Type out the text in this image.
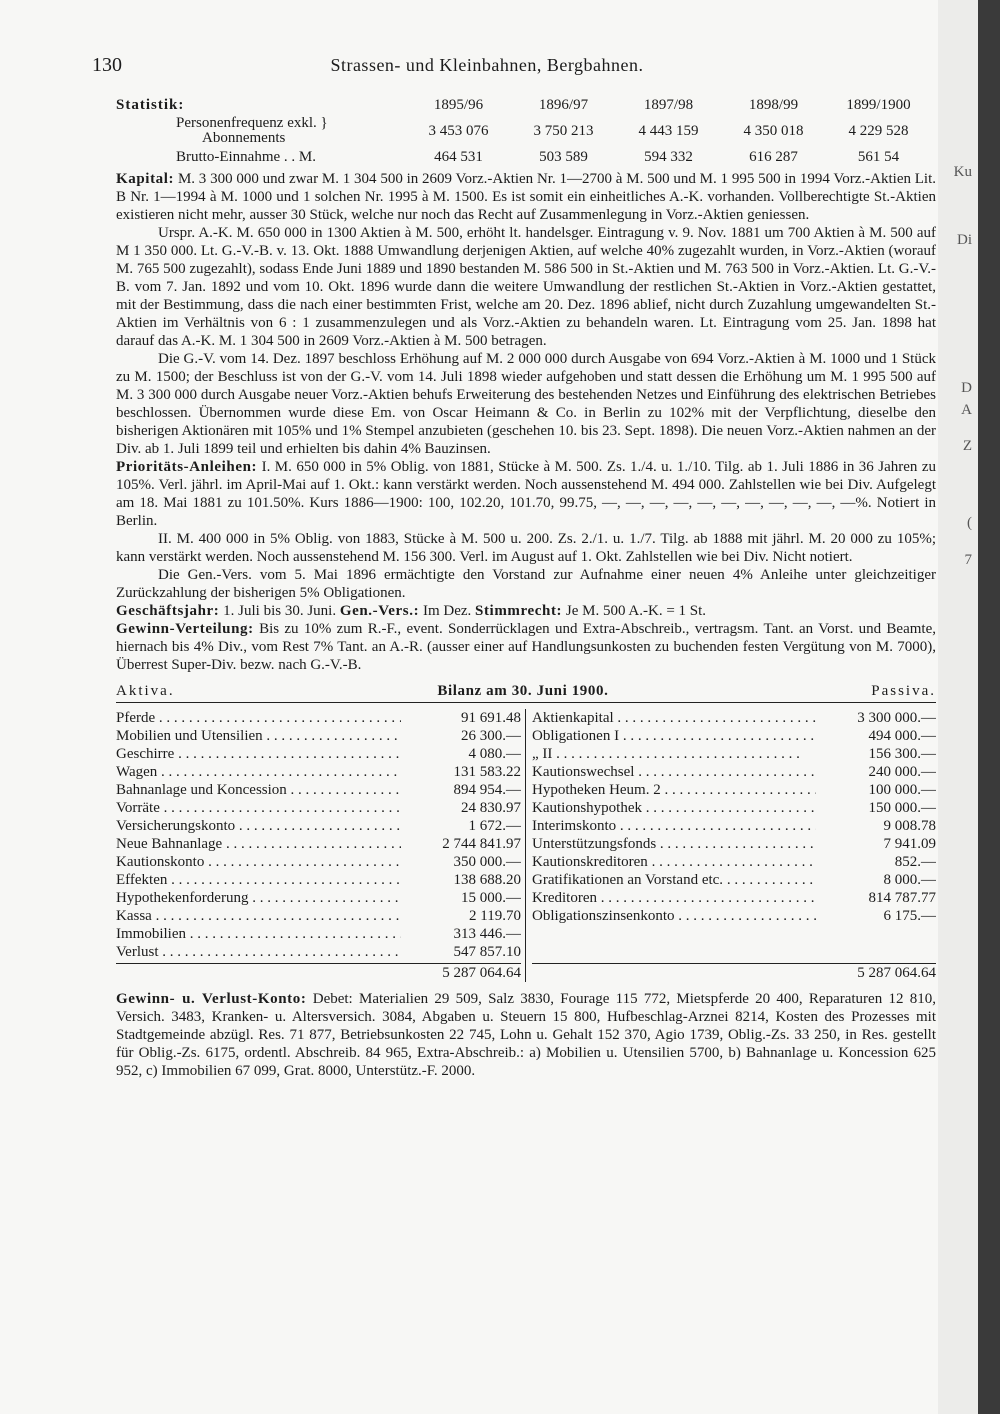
Ku
Di
D
A
Z
(
7
130	Strassen- und Kleinbahnen, Bergbahnen.
Statistik:	1895/96	1896/97	1897/98	1898/99	1899/1900
Personenfrequenz exkl. }
Abonnements	3 453 076	3 750 213	4 443 159	4 350 018	4 229 528
Brutto-Einnahme . . M.	464 531	503 589	594 332	616 287	561 54

Kapital: M. 3 300 000 und zwar M. 1 304 500 in 2609 Vorz.-Aktien Nr. 1—2700 à M. 500 und M. 1 995 500 in 1994 Vorz.-Aktien Lit. B Nr. 1—1994 à M. 1000 und 1 solchen Nr. 1995 à M. 1500. Es ist somit ein einheitliches A.-K. vorhanden. Vollberechtigte St.-Aktien existieren nicht mehr, ausser 30 Stück, welche nur noch das Recht auf Zusammenlegung in Vorz.-Aktien geniessen.

Urspr. A.-K. M. 650 000 in 1300 Aktien à M. 500, erhöht lt. handelsger. Eintragung v. 9. Nov. 1881 um 700 Aktien à M. 500 auf M 1 350 000. Lt. G.-V.-B. v. 13. Okt. 1888 Umwandlung derjenigen Aktien, auf welche 40% zugezahlt wurden, in Vorz.-Aktien (worauf M. 765 500 zugezahlt), sodass Ende Juni 1889 und 1890 bestanden M. 586 500 in St.-Aktien und M. 763 500 in Vorz.-Aktien. Lt. G.-V.-B. vom 7. Jan. 1892 und vom 10. Okt. 1896 wurde dann die weitere Umwandlung der restlichen St.-Aktien in Vorz.-Aktien gestattet, mit der Bestimmung, dass die nach einer bestimmten Frist, welche am 20. Dez. 1896 ablief, nicht durch Zuzahlung umgewandelten St.-Aktien im Verhältnis von 6 : 1 zusammenzulegen und als Vorz.-Aktien zu behandeln waren. Lt. Eintragung vom 25. Jan. 1898 hat darauf das A.-K. M. 1 304 500 in 2609 Vorz.-Aktien à M. 500 betragen.

Die G.-V. vom 14. Dez. 1897 beschloss Erhöhung auf M. 2 000 000 durch Ausgabe von 694 Vorz.-Aktien à M. 1000 und 1 Stück zu M. 1500; der Beschluss ist von der G.-V. vom 14. Juli 1898 wieder aufgehoben und statt dessen die Erhöhung um M. 1 995 500 auf M. 3 300 000 durch Ausgabe neuer Vorz.-Aktien behufs Erweiterung des bestehenden Netzes und Einführung des elektrischen Betriebes beschlossen. Übernommen wurde diese Em. von Oscar Heimann & Co. in Berlin zu 102% mit der Verpflichtung, dieselbe den bisherigen Aktionären mit 105% und 1% Stempel anzubieten (geschehen 10. bis 23. Sept. 1898). Die neuen Vorz.-Aktien nahmen an der Div. ab 1. Juli 1899 teil und erhielten bis dahin 4% Bauzinsen.

Prioritäts-Anleihen: I. M. 650 000 in 5% Oblig. von 1881, Stücke à M. 500. Zs. 1./4. u. 1./10. Tilg. ab 1. Juli 1886 in 36 Jahren zu 105%. Verl. jährl. im April-Mai auf 1. Okt.: kann verstärkt werden. Noch aussenstehend M. 494 000. Zahlstellen wie bei Div. Aufgelegt am 18. Mai 1881 zu 101.50%. Kurs 1886—1900: 100, 102.20, 101.70, 99.75, —, —, —, —, —, —, —, —, —, —, —%. Notiert in Berlin.

II. M. 400 000 in 5% Oblig. von 1883, Stücke à M. 500 u. 200. Zs. 2./1. u. 1./7. Tilg. ab 1888 mit jährl. M. 20 000 zu 105%; kann verstärkt werden. Noch aussenstehend M. 156 300. Verl. im August auf 1. Okt. Zahlstellen wie bei Div. Nicht notiert.

Die Gen.-Vers. vom 5. Mai 1896 ermächtigte den Vorstand zur Aufnahme einer neuen 4% Anleihe unter gleichzeitiger Zurückzahlung der bisherigen 5% Obligationen.

Geschäftsjahr: 1. Juli bis 30. Juni. Gen.-Vers.: Im Dez. Stimmrecht: Je M. 500 A.-K. = 1 St.

Gewinn-Verteilung: Bis zu 10% zum R.-F., event. Sonderrücklagen und Extra-Abschreib., vertragsm. Tant. an Vorst. und Beamte, hiernach bis 4% Div., vom Rest 7% Tant. an A.-R. (ausser einer auf Handlungsunkosten zu buchenden festen Vergütung von M. 7000), Überrest Super-Div. bezw. nach G.-V.-B.

Aktiva.	Bilanz am 30. Juni 1900.	Passiva.
Pferde . . .	91 691.48
Mobilien und Utensilien . . .	26 300.—
Geschirre . . .	4 080.—
Wagen . . .	131 583.22
Bahnanlage und Koncession . . .	894 954.—
Vorräte . . .	24 830.97
Versicherungskonto . . .	1 672.—
Neue Bahnanlage . . .	2 744 841.97
Kautionskonto . . .	350 000.—
Effekten . . .	138 688.20
Hypothekenforderung . . .	15 000.—
Kassa . . .	2 119.70
Immobilien . . .	313 446.—
Verlust . . .	547 857.10
5 287 064.64
Aktienkapital . . .	3 300 000.—
Obligationen I . . .	494 000.—
„ II . . .	156 300.—
Kautionswechsel . . .	240 000.—
Hypotheken Heum. 2 . . .	100 000.—
Kautionshypothek . . .	150 000.—
Interimskonto . . .	9 008.78
Unterstützungsfonds . . .	7 941.09
Kautionskreditoren . . .	852.—
Gratifikationen an Vorstand etc. . . .	8 000.—
Kreditoren . . .	814 787.77
Obligationszinsenkonto . . .	6 175.—
5 287 064.64

Gewinn- u. Verlust-Konto: Debet: Materialien 29 509, Salz 3830, Fourage 115 772, Mietspferde 20 400, Reparaturen 12 810, Versich. 3483, Kranken- u. Altersversich. 3084, Abgaben u. Steuern 15 800, Hufbeschlag-Arznei 8214, Kosten des Prozesses mit Stadtgemeinde abzügl. Res. 71 877, Betriebsunkosten 22 745, Lohn u. Gehalt 152 370, Agio 1739, Oblig.-Zs. 33 250, in Res. gestellt für Oblig.-Zs. 6175, ordentl. Abschreib. 84 965, Extra-Abschreib.: a) Mobilien u. Utensilien 5700, b) Bahnanlage u. Koncession 625 952, c) Immobilien 67 099, Grat. 8000, Unterstütz.-F. 2000.
